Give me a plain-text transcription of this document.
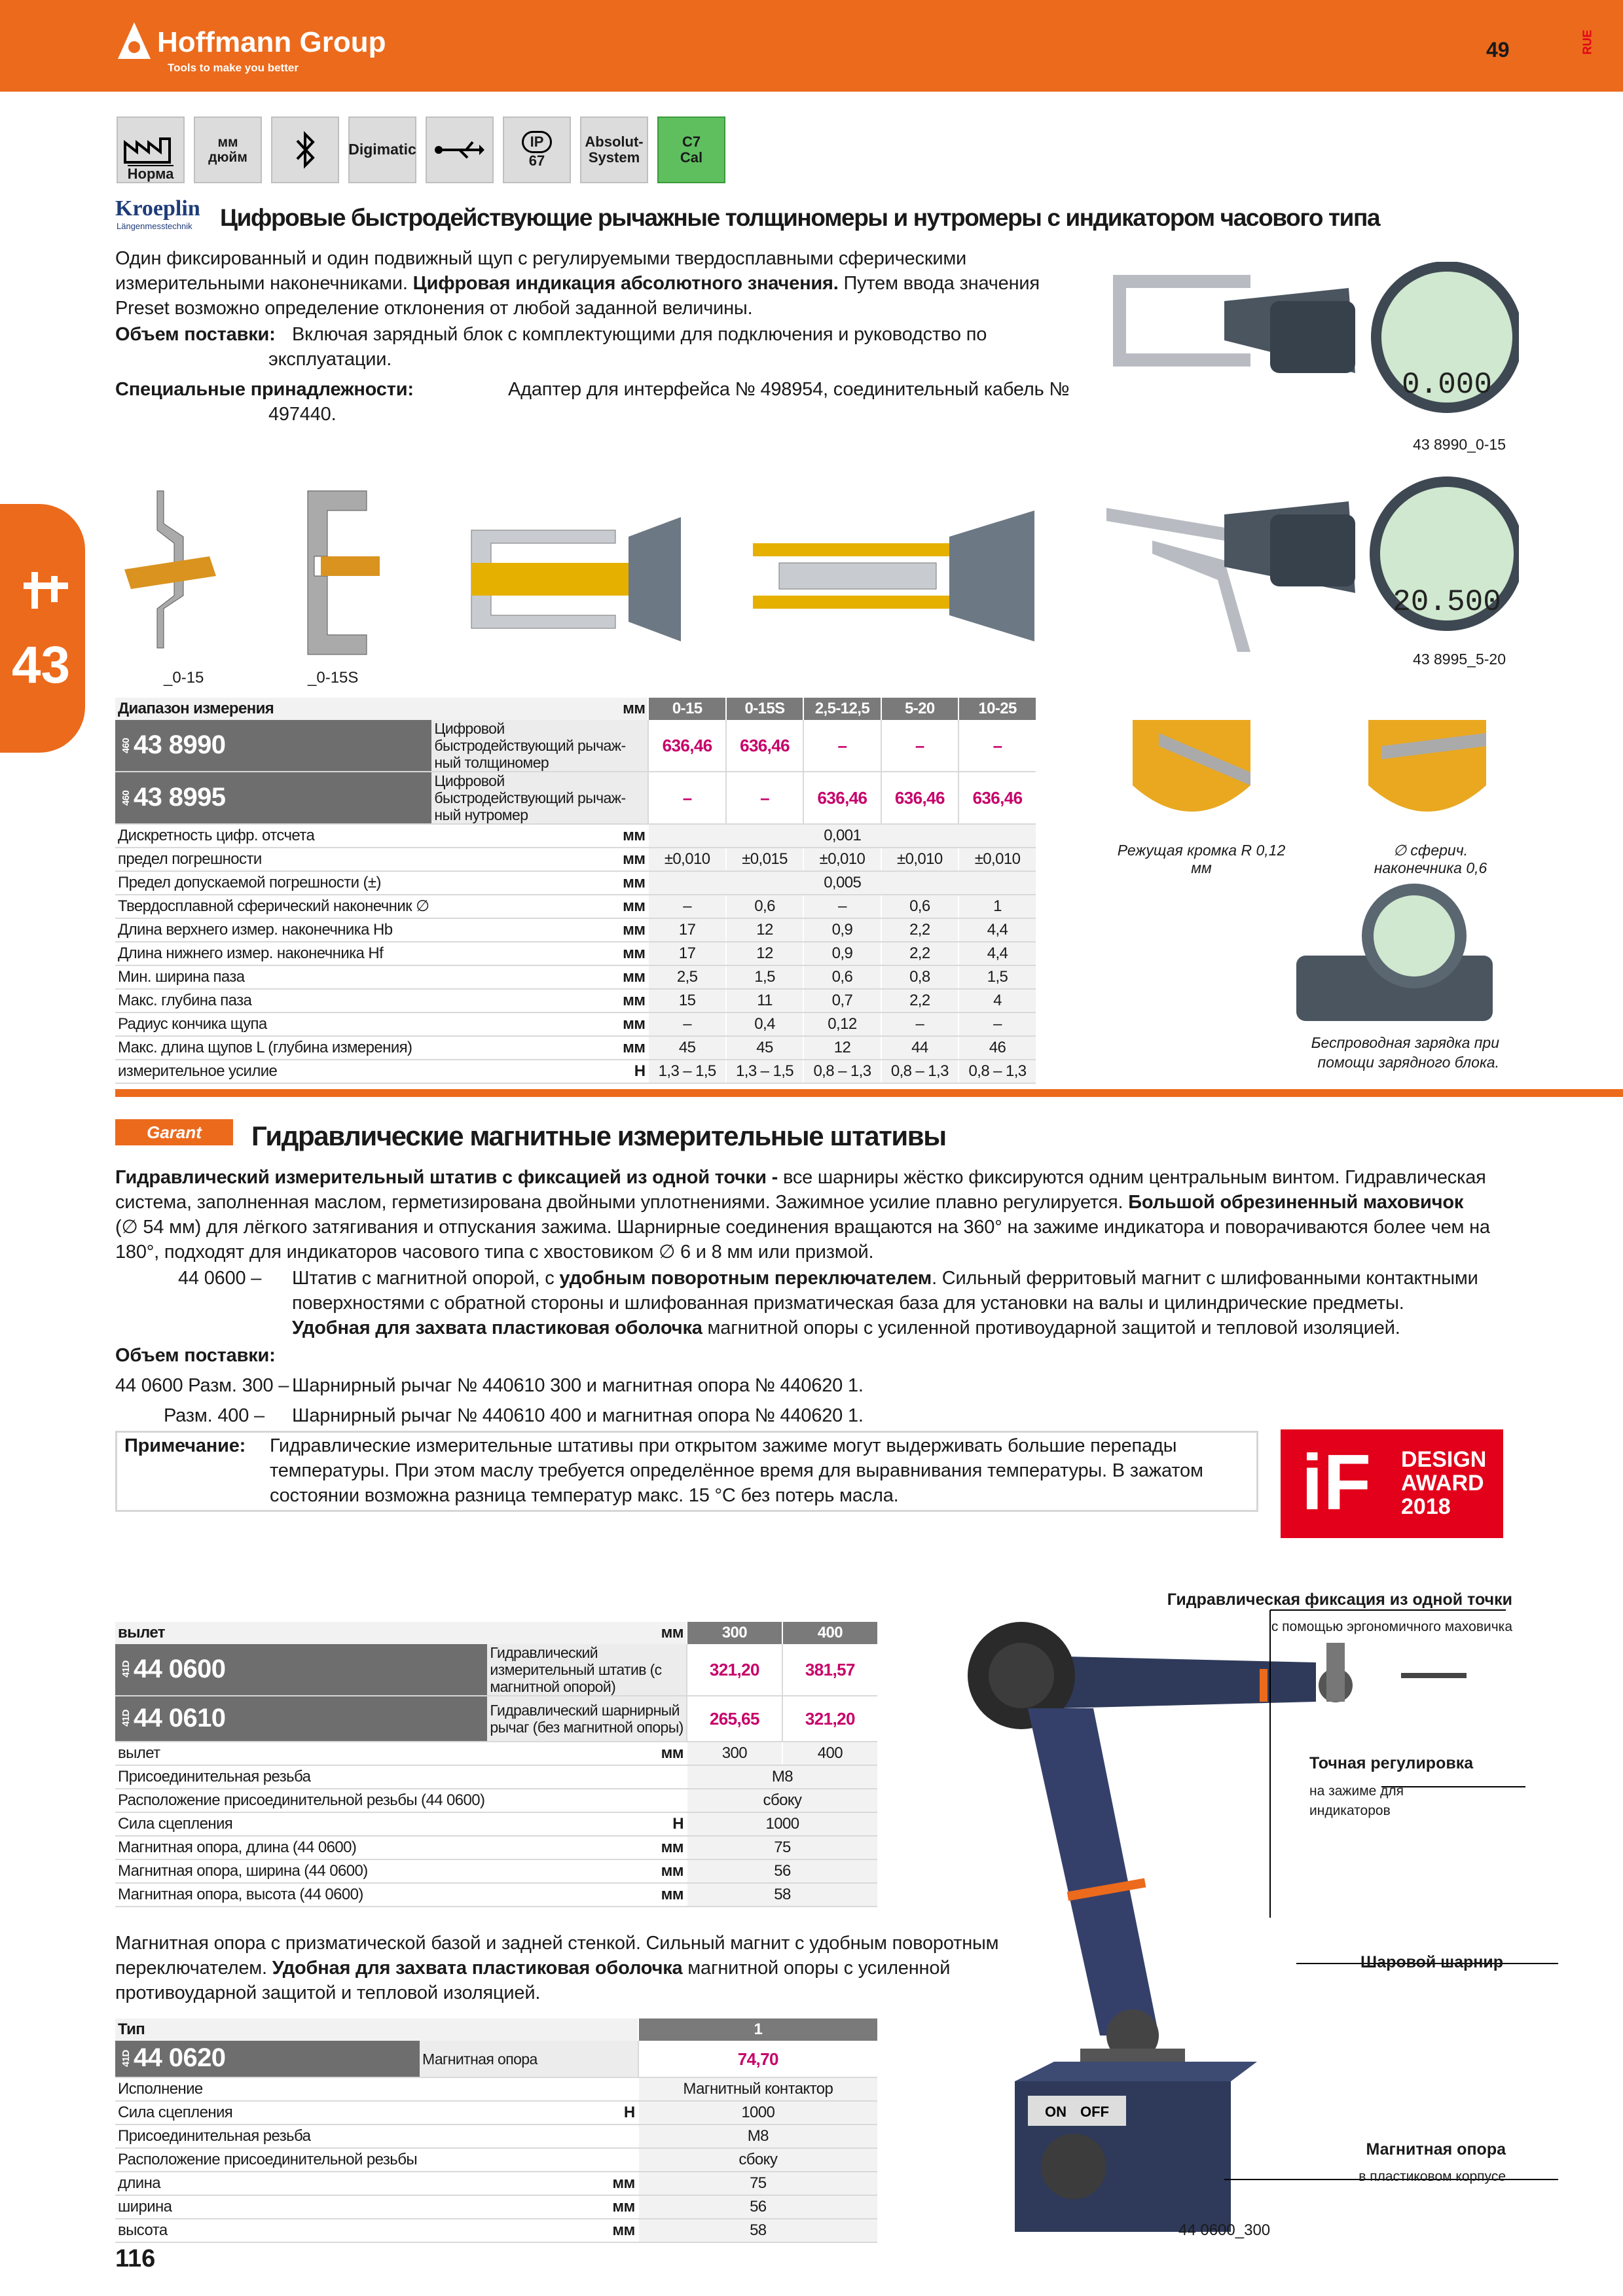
Hoffmann Group
Tools to make you better
49	RUE
43
Норма
мм
дюйм	Digimatic	IP
67
Absolut-
System
C7
Cal
Kroeplin
Längenmesstechnik Цифровые быстродействующие рычажные толщиномеры и нутромеры с индикатором часового типа
Один фиксированный и один подвижный щуп с регулируемыми твердосплавными сферическими измерительными наконечниками. Цифровая индикация абсолютного значения. Путем ввода значения Preset возможно определение отклонения от любой заданной величины.
Объем поставки: Включая зарядный блок с комплектующими для подключения и руководство по эксплуатации.
Специальные принадлежности:	Адаптер для интерфейса № 498954, соединительный кабель №
497440.
0.000
43 8990_0-15
20.500
43 8995_5-20
_0-15	_0-15S
Режущая кромка R 0,12 мм
∅ сферич. наконечника 0,6
Беспроводная зарядка при помощи зарядного блока.
Диапазон измерения мм		0-15	0-15S	2,5-12,5	5-20	10-25
46043 8990	Цифровой быстродействующий рычаж-ный толщиномер	636,46	636,46	–	–	–
46043 8995	Цифровой быстродействующий рычаж-ный нутромер	–	–	636,46	636,46	636,46
Дискретность цифр. отсчета	мм	0,001				
предел погрешности	мм	±0,010	±0,015	±0,010	±0,010	±0,010
Предел допускаемой погрешности (±)	мм	0,005				
Твердосплавной сферический наконечник ∅	мм	–	0,6	–	0,6	1
Длина верхнего измер. наконечника Hb	мм	17	12	0,9	2,2	4,4
Длина нижнего измер. наконечника Hf	мм	17	12	0,9	2,2	4,4
Мин. ширина паза	мм	2,5	1,5	0,6	0,8	1,5
Макс. глубина паза	мм	15	11	0,7	2,2	4
Радиус кончика щупа	мм	–	0,4	0,12	–	–
Макс. длина щупов L (глубина измерения)	мм	45	45	12	44	46
измерительное усилие	Н	1,3 – 1,5	1,3 – 1,5	0,8 – 1,3	0,8 – 1,3	0,8 – 1,3
Garant	Гидравлические магнитные измерительные штативы
Гидравлический измерительный штатив с фиксацией из одной точки - все шарниры жёстко фиксируются одним центральным винтом. Гидравлическая система, заполненная маслом, герметизирована двойными уплотнениями. Зажимное усилие плавно регулируется. Большой обрезиненный маховичок (∅ 54 мм) для лёгкого затягивания и отпускания зажима. Шарнирные соединения вращаются на 360° на зажиме индикатора и поворачиваются более чем на 180°, подходят для индикаторов часового типа с хвостовиком ∅ 6 и 8 мм или призмой.
44 0600 – Штатив с магнитной опорой, с удобным поворотным переключателем. Сильный ферритовый магнит с шлифованными контактными поверхностями с обратной стороны и шлифованная призматическая база для установки на валы и цилиндрические предметы. Удобная для захвата пластиковая оболочка магнитной опоры с усиленной противоударной защитой и тепловой изоляцией.
Объем поставки:
44 0600 Разм. 300 – Шарнирный рычаг № 440610 300 и магнитная опора № 440620 1.
Разм. 400 – Шарнирный рычаг № 440610 400 и магнитная опора № 440620 1.
Примечание: Гидравлические измерительные штативы при открытом зажиме могут выдерживать большие перепады температуры. При этом маслу требуется определённое время для выравнивания температуры. В зажатом состоянии возможна разница температур макс. 15 °C без потерь масла.	iF	DESIGN
AWARD
2018
вылет мм		300	400
41D44 0600	Гидравлический измерительный штатив (с магнитной опорой)	321,20	381,57
41D44 0610	Гидравлический шарнирный рычаг (без магнитной опоры)	265,65	321,20
вылет	мм	300	400
Присоединительная резьба		M8	
Расположение присоединительной резьбы (44 0600)		сбоку	
Сила сцепления	Н	1000	
Магнитная опора, длина (44 0600)	мм	75	
Магнитная опора, ширина (44 0600)	мм	56	
Магнитная опора, высота (44 0600)	мм	58	
Магнитная опора с призматической базой и задней стенкой. Сильный магнит с удобным поворотным переключателем. Удобная для захвата пластиковая оболочка магнитной опоры с усиленной противоударной защитой и тепловой изоляцией.
Тип		1
41D44 0620	Магнитная опора	74,70
Исполнение		Магнитный контактор
Сила сцепления	Н	1000
Присоединительная резьба		M8
Расположение присоединительной резьбы		сбоку
длина	мм	75
ширина	мм	56
высота	мм	58
ON OFF
Гидравлическая фиксация из одной точки
с помощью эргономичного маховичка
Точная регулировка
на зажиме для индикаторов
Шаровой шарнир
Магнитная опора
в пластиковом корпусе
44 0600_300
116
